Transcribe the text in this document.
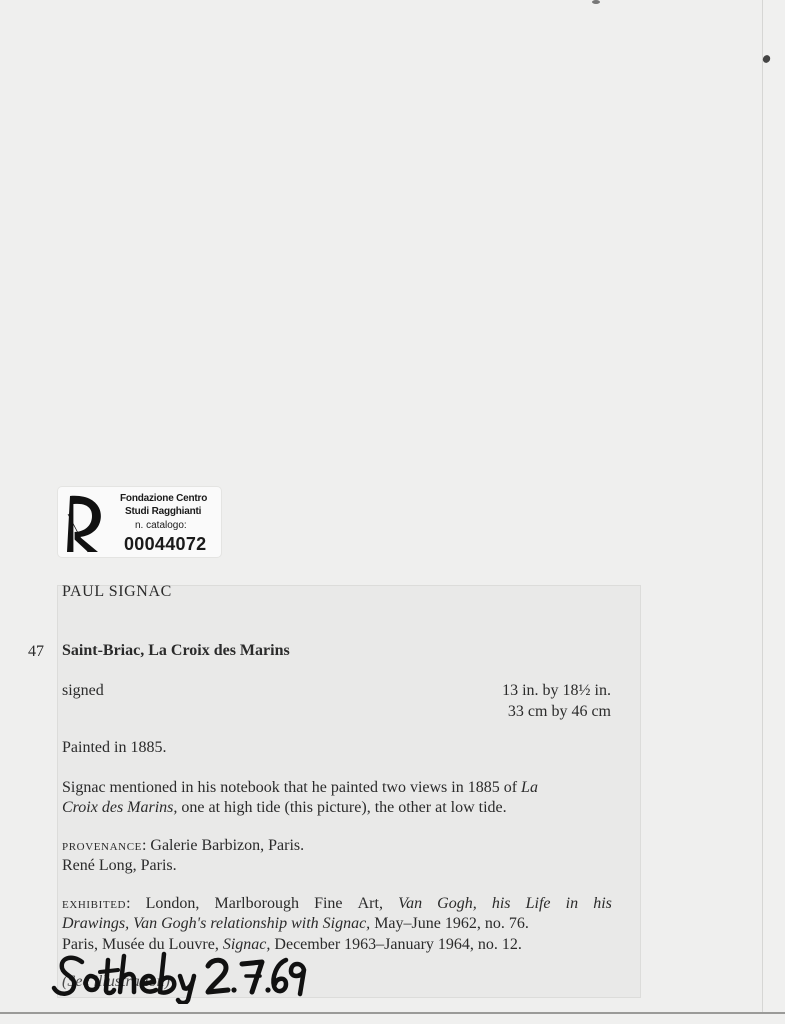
Fondazione Centro
Studi Ragghianti
n. catalogo:
00044072
PAUL SIGNAC
47 Saint-Briac, La Croix des Marins
signed	13 in. by 18½ in.
33 cm by 46 cm
Painted in 1885.
Signac mentioned in his notebook that he painted two views in 1885 of La
Croix des Marins, one at high tide (this picture), the other at low tide.
provenance: Galerie Barbizon, Paris.
René Long, Paris.
exhibited: London, Marlborough Fine Art, Van Gogh, his Life in his
Drawings, Van Gogh's relationship with Signac, May–June 1962, no. 76.
Paris, Musée du Louvre, Signac, December 1963–January 1964, no. 12.
(See illustration)
